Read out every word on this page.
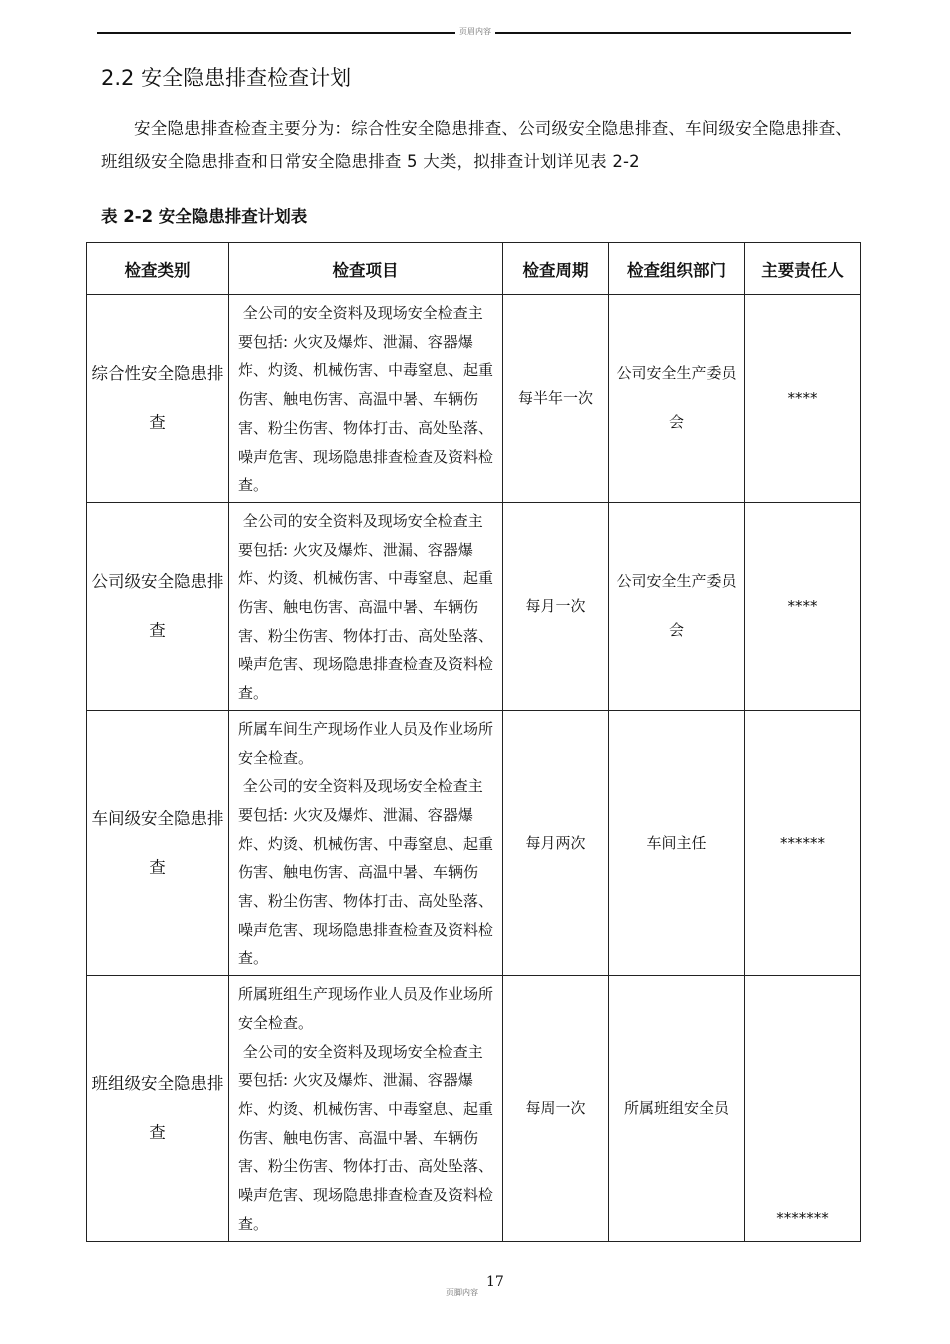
页眉内容
2.2 安全隐患排查检查计划
安全隐患排查检查主要分为：综合性安全隐患排查、公司级安全隐患排查、车间级安全隐患排查、班组级安全隐患排查和日常安全隐患排查 5 大类，拟排查计划详见表 2-2
表 2-2 安全隐患排查计划表
检查类别	检查项目	检查周期	检查组织部门	主要责任人
综合性安全隐患排查	全公司的安全资料及现场安全检查主要包括: 火灾及爆炸、泄漏、容器爆炸、灼烫、机械伤害、中毒窒息、起重伤害、触电伤害、高温中暑、车辆伤害、粉尘伤害、物体打击、高处坠落、噪声危害、现场隐患排查检查及资料检查。	每半年一次	公司安全生产委员会	****
公司级安全隐患排查	全公司的安全资料及现场安全检查主要包括: 火灾及爆炸、泄漏、容器爆炸、灼烫、机械伤害、中毒窒息、起重伤害、触电伤害、高温中暑、车辆伤害、粉尘伤害、物体打击、高处坠落、噪声危害、现场隐患排查检查及资料检查。	每月一次	公司安全生产委员会	****
车间级安全隐患排查	所属车间生产现场作业人员及作业场所安全检查。
全公司的安全资料及现场安全检查主要包括: 火灾及爆炸、泄漏、容器爆炸、灼烫、机械伤害、中毒窒息、起重伤害、触电伤害、高温中暑、车辆伤害、粉尘伤害、物体打击、高处坠落、噪声危害、现场隐患排查检查及资料检查。	每月两次	车间主任	******
班组级安全隐患排查	所属班组生产现场作业人员及作业场所安全检查。
全公司的安全资料及现场安全检查主要包括: 火灾及爆炸、泄漏、容器爆炸、灼烫、机械伤害、中毒窒息、起重伤害、触电伤害、高温中暑、车辆伤害、粉尘伤害、物体打击、高处坠落、噪声危害、现场隐患排查检查及资料检查。	每周一次	所属班组安全员	*******
17
页脚内容
